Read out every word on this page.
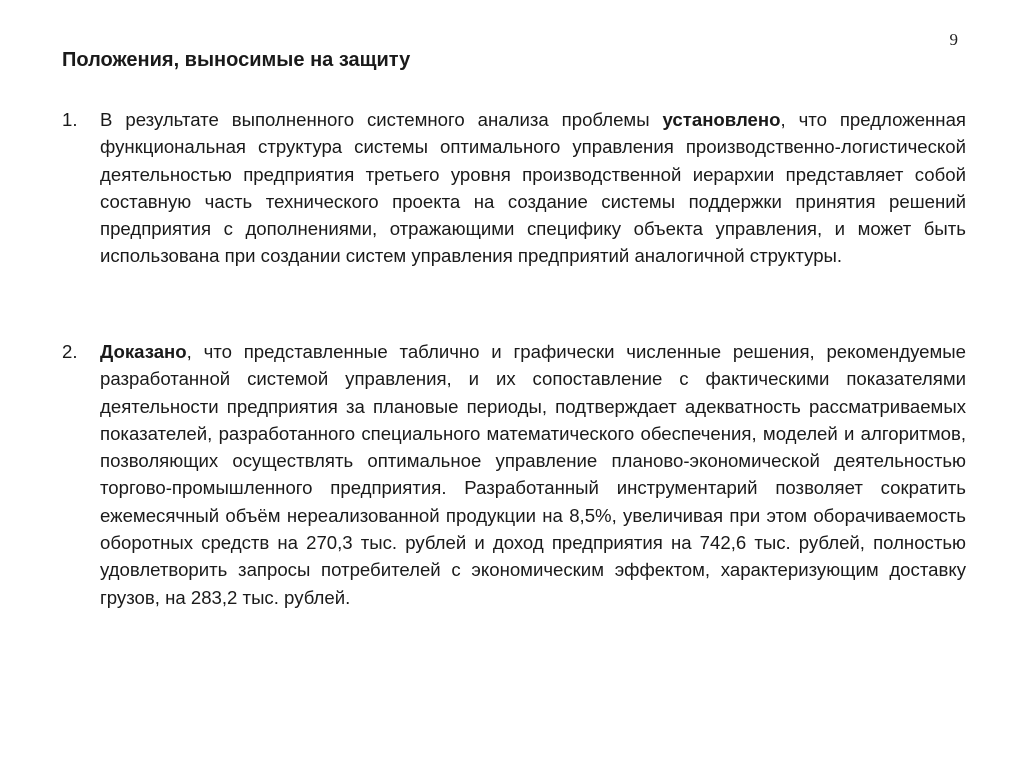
9
Положения, выносимые на защиту
1.	В результате выполненного системного анализа проблемы установлено, что предложенная функциональная структура системы оптимального управления производственно-логистической деятельностью предприятия третьего уровня производственной иерархии представляет собой составную часть технического проекта на создание системы поддержки принятия решений предприятия с дополнениями, отражающими специфику объекта управления, и может быть использована при создании систем управления предприятий аналогичной структуры.
2.	Доказано, что представленные таблично и графически численные решения, рекомендуемые разработанной системой управления, и их сопоставление с фактическими показателями деятельности предприятия за плановые периоды, подтверждает адекватность рассматриваемых показателей, разработанного специального математического обеспечения, моделей и алгоритмов, позволяющих осуществлять оптимальное управление планово-экономической деятельностью торгово-промышленного предприятия. Разработанный инструментарий позволяет сократить ежемесячный объём нереализованной продукции на 8,5%, увеличивая при этом оборачиваемость оборотных средств на 270,3 тыс. рублей и доход предприятия на 742,6 тыс. рублей, полностью удовлетворить запросы потребителей с экономическим эффектом, характеризующим доставку грузов, на 283,2 тыс. рублей.
